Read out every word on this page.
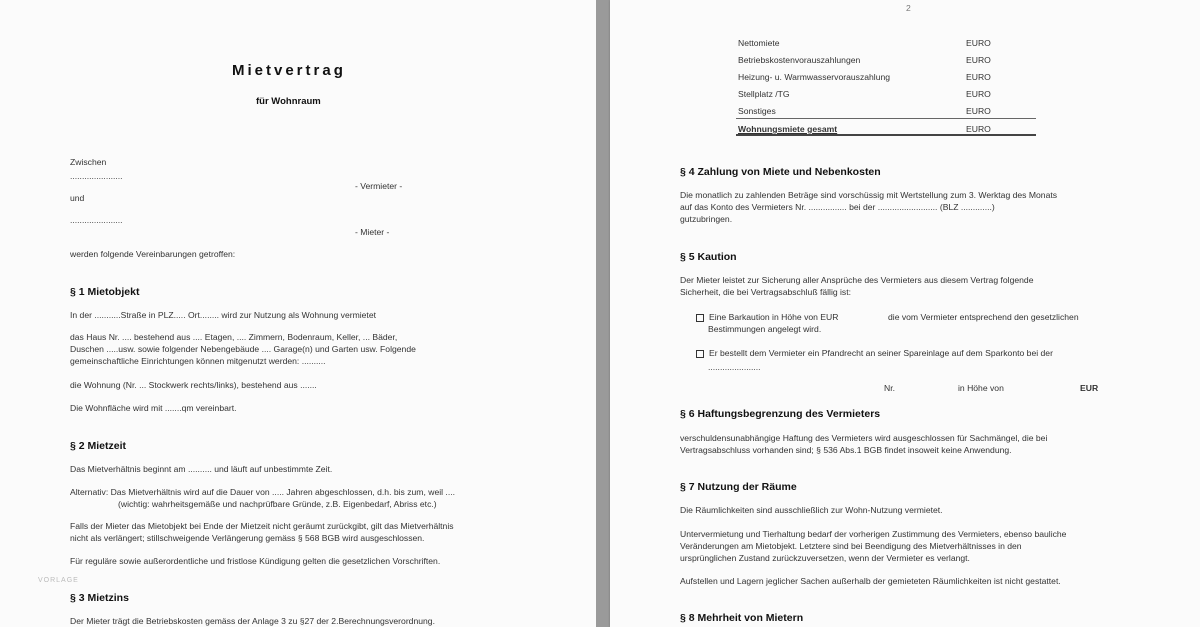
Mietvertrag
für Wohnraum
Zwischen
......................
- Vermieter -
und
......................
- Mieter -
werden folgende Vereinbarungen getroffen:
§ 1 Mietobjekt
In der ...........Straße in PLZ..... Ort........ wird zur Nutzung als Wohnung vermietet
das Haus Nr. .... bestehend aus .... Etagen, .... Zimmern, Bodenraum, Keller, ... Bäder,
Duschen .....usw. sowie folgender Nebengebäude .... Garage(n) und Garten usw. Folgende
gemeinschaftliche Einrichtungen können mitgenutzt werden: ..........
die Wohnung (Nr. ... Stockwerk rechts/links), bestehend aus .......
Die Wohnfläche wird mit .......qm vereinbart.
§ 2 Mietzeit
Das Mietverhältnis beginnt am .......... und läuft auf unbestimmte Zeit.
Alternativ: Das Mietverhältnis wird auf die Dauer von ..... Jahren abgeschlossen, d.h. bis zum, weil ....
(wichtig: wahrheitsgemäße und nachprüfbare Gründe, z.B. Eigenbedarf, Abriss etc.)
Falls der Mieter das Mietobjekt bei Ende der Mietzeit nicht geräumt zurückgibt, gilt das Mietverhältnis
nicht als verlängert; stillschweigende Verlängerung gemäss § 568 BGB wird ausgeschlossen.
Für reguläre sowie außerordentliche und fristlose Kündigung gelten die gesetzlichen Vorschriften.
VORLAGE
§ 3 Mietzins
Der Mieter trägt die Betriebskosten gemäss der Anlage 3 zu §27 der 2.Berechnungsverordnung.
2
Nettomiete	EURO
Betriebskostenvorauszahlungen	EURO
Heizung- u. Warmwasservorauszahlung	EURO
Stellplatz /TG	EURO
Sonstiges	EURO
Wohnungsmiete gesamt	EURO
§ 4 Zahlung von Miete und Nebenkosten
Die monatlich zu zahlenden Beträge sind vorschüssig mit Wertstellung zum 3. Werktag des Monats
auf das Konto des Vermieters Nr. ................ bei der ......................... (BLZ .............)
gutzubringen.
§ 5 Kaution
Der Mieter leistet zur Sicherung aller Ansprüche des Vermieters aus diesem Vertrag folgende
Sicherheit, die bei Vertragsabschluß fällig ist:
Eine Barkaution in Höhe von EUR	die vom Vermieter entsprechend den gesetzlichen
Bestimmungen angelegt wird.
Er bestellt dem Vermieter ein Pfandrecht an seiner Spareinlage auf dem Sparkonto bei der
......................
Nr.	in Höhe von	EUR
§ 6 Haftungsbegrenzung des Vermieters
verschuldensunabhängige Haftung des Vermieters wird ausgeschlossen für Sachmängel, die bei
Vertragsabschluss vorhanden sind; § 536 Abs.1 BGB findet insoweit keine Anwendung.
§ 7 Nutzung der Räume
Die Räumlichkeiten sind ausschließlich zur Wohn-Nutzung vermietet.
Untervermietung und Tierhaltung bedarf der vorherigen Zustimmung des Vermieters, ebenso bauliche
Veränderungen am Mietobjekt. Letztere sind bei Beendigung des Mietverhältnisses in den
ursprünglichen Zustand zurückzuversetzen, wenn der Vermieter es verlangt.
Aufstellen und Lagern jeglicher Sachen außerhalb der gemieteten Räumlichkeiten ist nicht gestattet.
§ 8 Mehrheit von Mietern
